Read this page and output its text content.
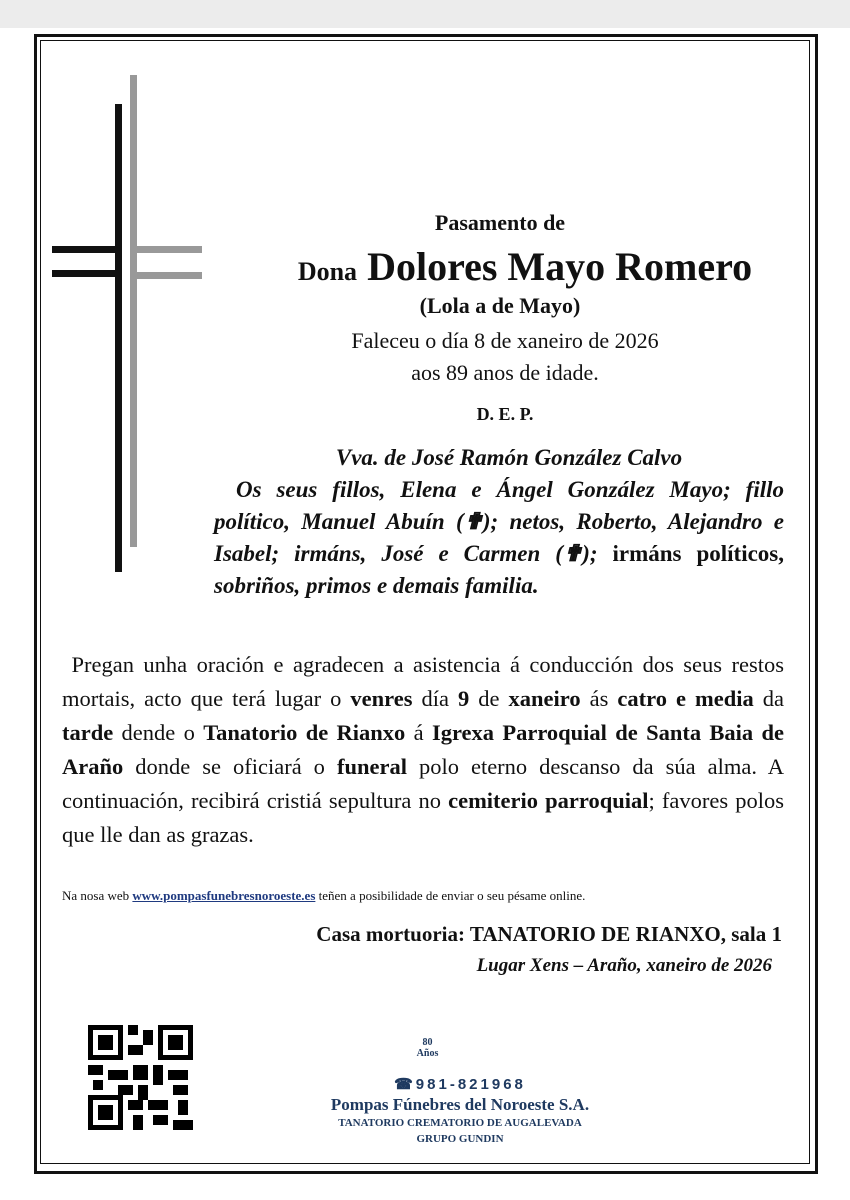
Pasamento de
Dona Dolores Mayo Romero
(Lola a de Mayo)
Faleceu o día 8 de xaneiro de 2026
aos 89 anos de idade.
D. E. P.
Vva. de José Ramón González Calvo
Os seus fillos, Elena e Ángel González Mayo; fillo político, Manuel Abuín (✟); netos, Roberto, Alejandro e Isabel; irmáns, José e Carmen (✟); irmáns políticos, sobriños, primos e demais familia.
Pregan unha oración e agradecen a asistencia á conducción dos seus restos mortais, acto que terá lugar o venres día 9 de xaneiro ás catro e media da tarde dende o Tanatorio de Rianxo á Igrexa Parroquial de Santa Baia de Araño donde se oficiará o funeral polo eterno descanso da súa alma. A continuación, recibirá cristiá sepultura no cemiterio parroquial; favores polos que lle dan as grazas.
Na nosa web www.pompasfunebresnoroeste.es teñen a posibilidade de enviar o seu pésame online.
Casa mortuoria: TANATORIO DE RIANXO, sala 1
Lugar Xens – Araño, xaneiro de 2026
80
Años
☎981-821968
Pompas Fúnebres del Noroeste S.A.
TANATORIO CREMATORIO DE AUGALEVADA
GRUPO GUNDIN
